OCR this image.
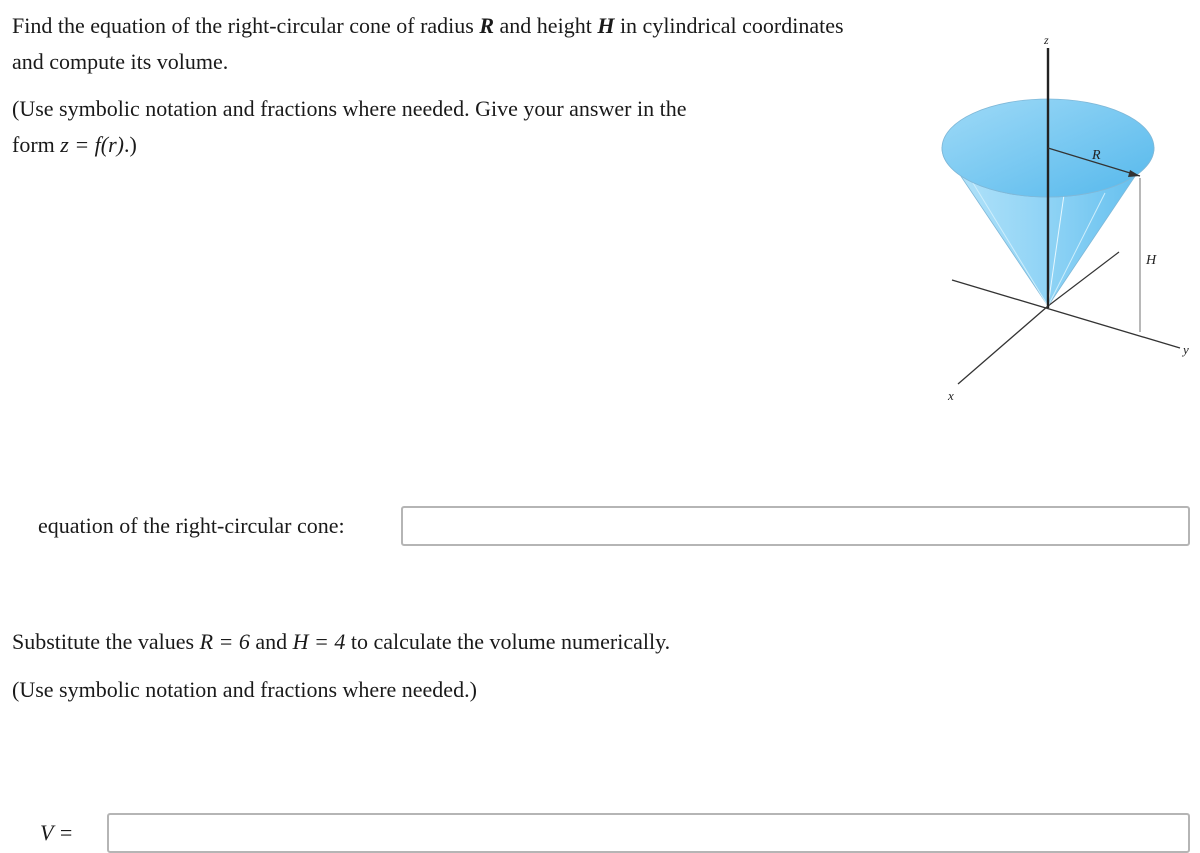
Find the equation of the right-circular cone of radius R and height H in cylindrical coordinates and compute its volume.

(Use symbolic notation and fractions where needed. Give your answer in the
form z = f(r).)

z
R
H
y
x
equation of the right-circular cone:

Substitute the values R = 6 and H = 4 to calculate the volume numerically.

(Use symbolic notation and fractions where needed.)

V =
